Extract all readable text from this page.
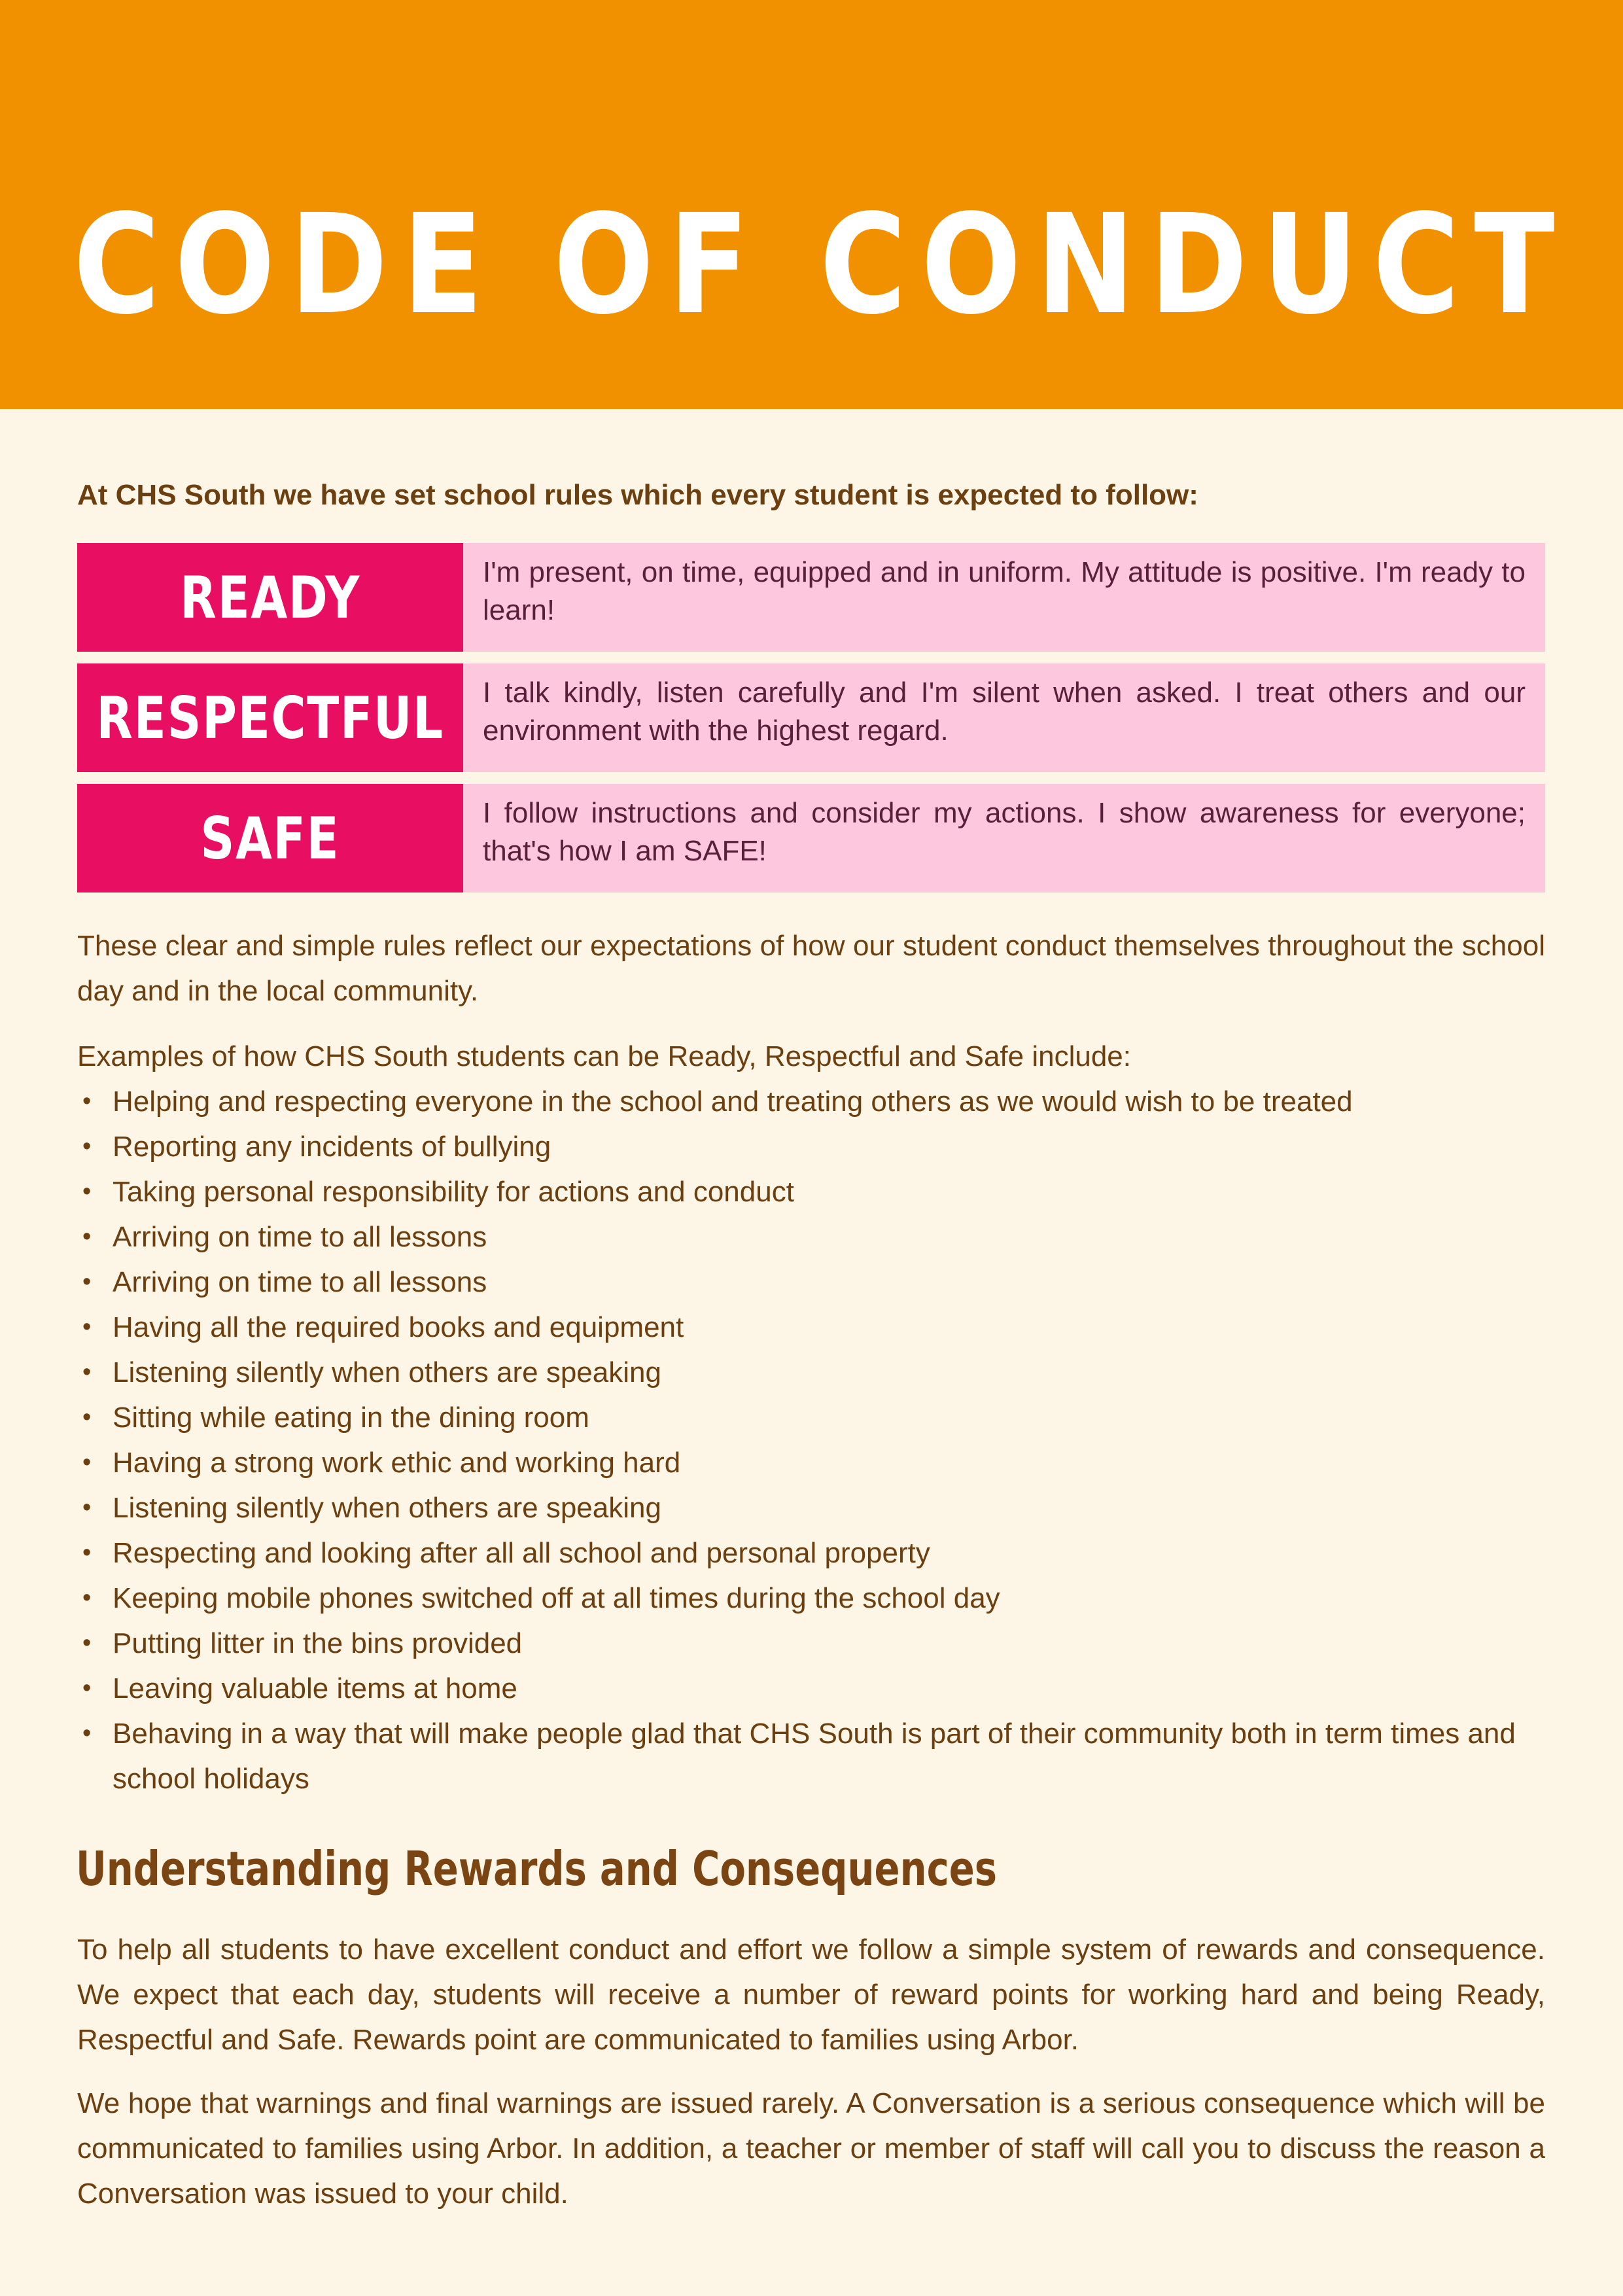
CODE OF CONDUCT
At CHS South we have set school rules which every student is expected to follow:
READY	I'm present, on time, equipped and in uniform. My attitude is positive. I'm ready to learn!
RESPECTFUL	I talk kindly, listen carefully and I'm silent when asked. I treat others and our environment with the highest regard.
SAFE	I follow instructions and consider my actions. I show awareness for everyone; that's how I am SAFE!

These clear and simple rules reflect our expectations of how our student conduct themselves throughout the school day and in the local community.

Examples of how CHS South students can be Ready, Respectful and Safe include:

• Helping and respecting everyone in the school and treating others as we would wish to be treated
• Reporting any incidents of bullying
• Taking personal responsibility for actions and conduct
• Arriving on time to all lessons
• Arriving on time to all lessons
• Having all the required books and equipment
• Listening silently when others are speaking
• Sitting while eating in the dining room
• Having a strong work ethic and working hard
• Listening silently when others are speaking
• Respecting and looking after all all school and personal property
• Keeping mobile phones switched off at all times during the school day
• Putting litter in the bins provided
• Leaving valuable items at home
• Behaving in a way that will make people glad that CHS South is part of their community both in term times and school holidays
Understanding Rewards and Consequences

To help all students to have excellent conduct and effort we follow a simple system of rewards and consequence. We expect that each day, students will receive a number of reward points for working hard and being Ready, Respectful and Safe. Rewards point are communicated to families using Arbor.

We hope that warnings and final warnings are issued rarely. A Conversation is a serious consequence which will be communicated to families using Arbor. In addition, a teacher or member of staff will call you to discuss the reason a Conversation was issued to your child.
